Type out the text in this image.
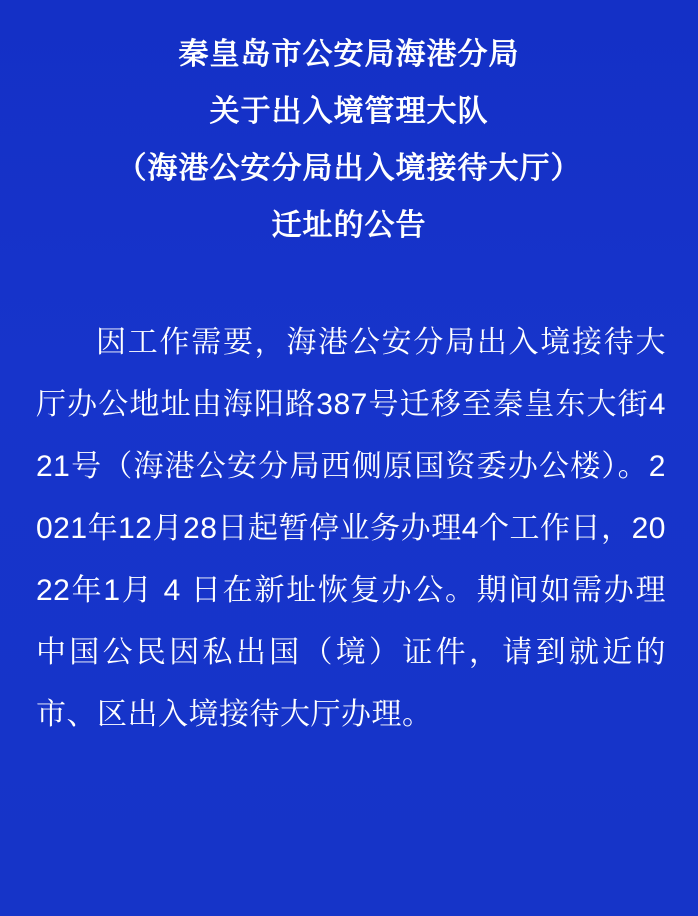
秦皇岛市公安局海港分局
关于出入境管理大队
（海港公安分局出入境接待大厅）
迁址的公告
因工作需要，海港公安分局出入境接待大厅办公地址由海阳路387号迁移至秦皇东大街421号（海港公安分局西侧原国资委办公楼）。2021年12月28日起暂停业务办理4个工作日，2022年1月 4 日在新址恢复办公。期间如需办理中国公民因私出国（境）证件，请到就近的市、区出入境接待大厅办理。
